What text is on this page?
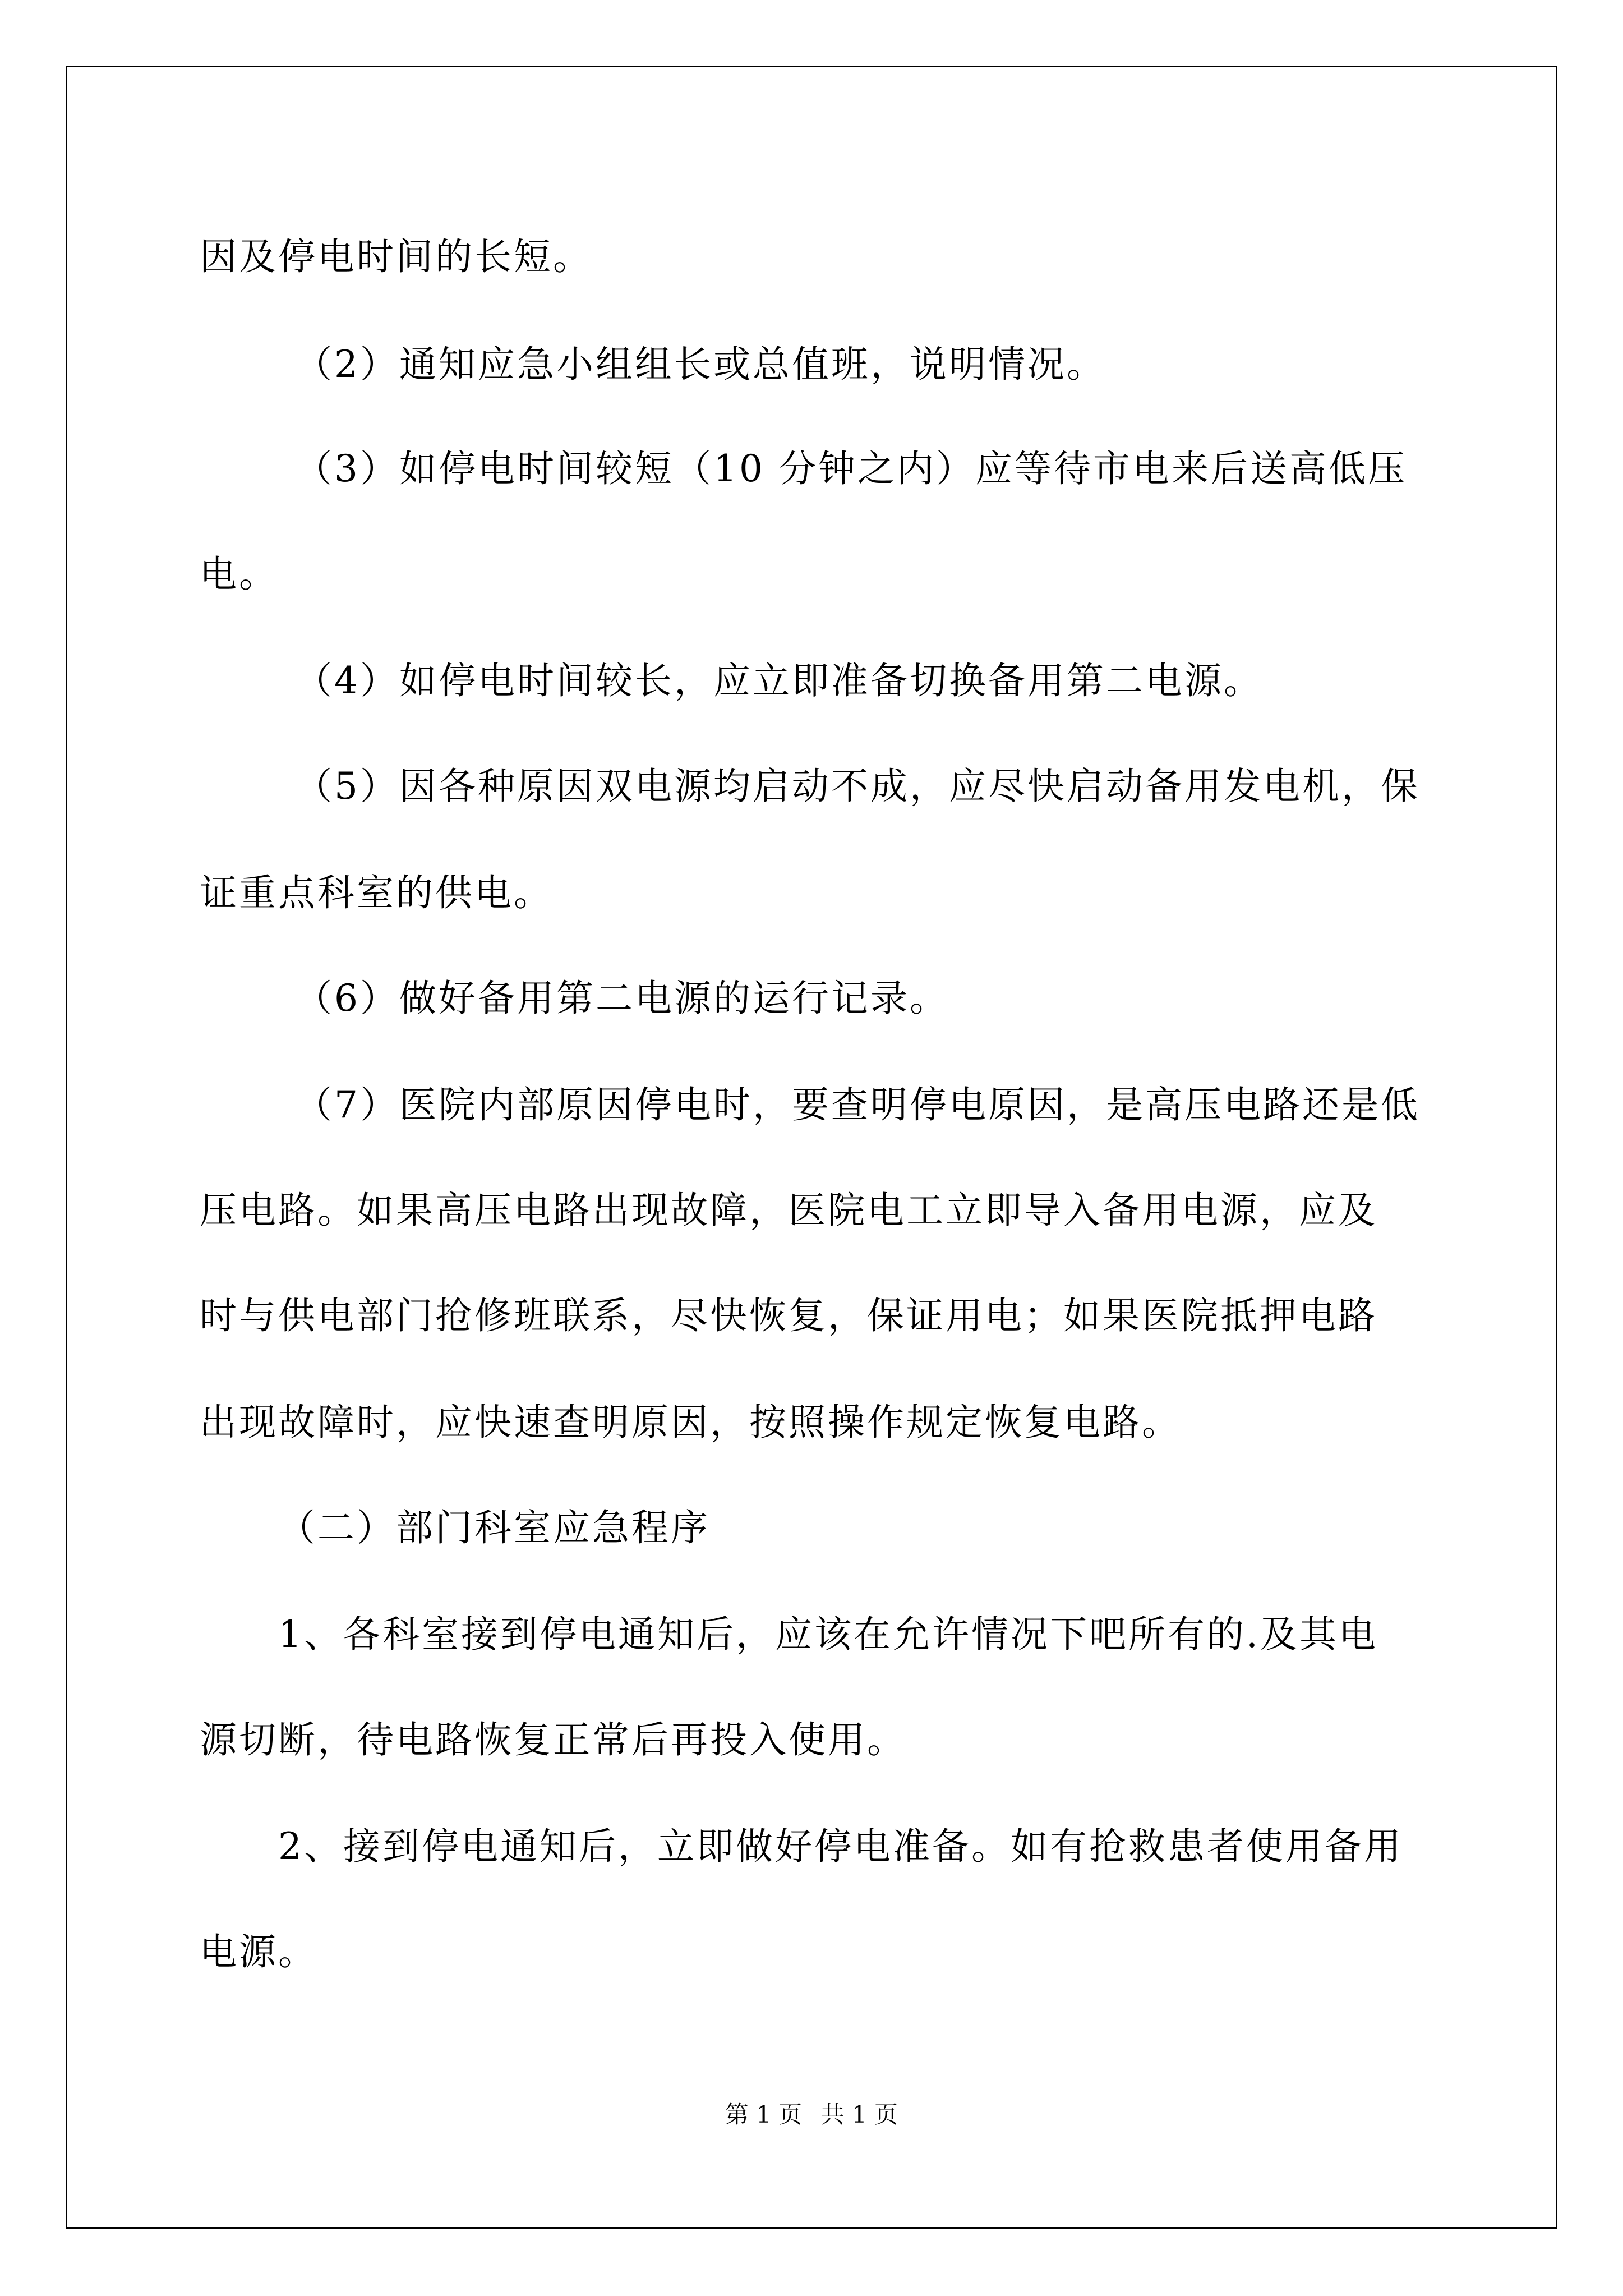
因及停电时间的长短。
（2）通知应急小组组长或总值班，说明情况。
（3）如停电时间较短（10 分钟之内）应等待市电来后送高低压
电。
（4）如停电时间较长，应立即准备切换备用第二电源。
（5）因各种原因双电源均启动不成，应尽快启动备用发电机，保
证重点科室的供电。
（6）做好备用第二电源的运行记录。
（7）医院内部原因停电时，要查明停电原因，是高压电路还是低
压电路。如果高压电路出现故障，医院电工立即导入备用电源，应及
时与供电部门抢修班联系，尽快恢复，保证用电；如果医院抵押电路
出现故障时，应快速查明原因，按照操作规定恢复电路。
（二）部门科室应急程序
1、各科室接到停电通知后，应该在允许情况下吧所有的.及其电
源切断，待电路恢复正常后再投入使用。
2、接到停电通知后，立即做好停电准备。如有抢救患者使用备用
电源。
第 1 页 共 1 页
